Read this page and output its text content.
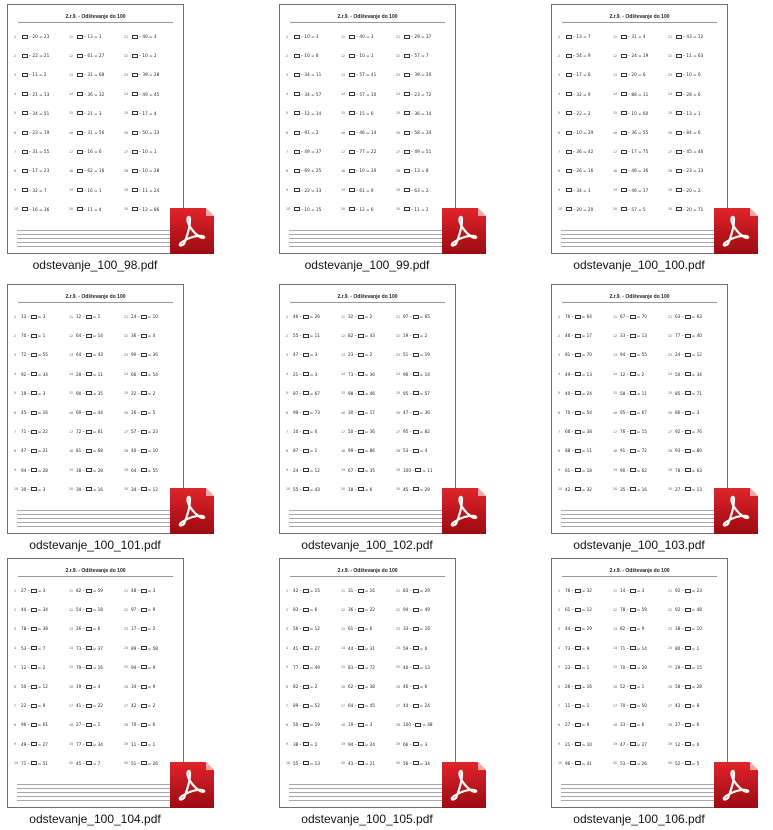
2.r.9. - Odštevanje do 100
1	– 20 = 23	11	– 13 = 1	21	– 40 = 4
2	– 22 = 21	12	– 61 = 27	22	– 10 = 2
3	– 11 = 2	13	– 31 = 68	23	– 39 = 28
4	– 21 = 13	14	– 36 = 32	24	– 49 = 45
5	– 34 = 51	15	– 21 = 3	25	– 17 = 4
6	– 23 = 19	16	– 31 = 56	26	– 50 = 13
7	– 31 = 55	17	– 16 = 6	27	– 10 = 1
8	– 17 = 23	18	– 62 = 16	28	– 10 = 28
9	– 32 = 7	19	– 16 = 1	29	– 11 = 24
10	– 16 = 36	20	– 11 = 4	30	– 12 = 86
odstevanje_100_98.pdf
2.r.9. - Odštevanje do 100
1	– 10 = 3	11	– 40 = 3	21	– 29 = 37
2	– 10 = 8	12	– 10 = 1	22	– 57 = 7
3	– 34 = 11	13	– 57 = 41	23	– 39 = 20
4	– 34 = 57	14	– 57 = 10	24	– 23 = 72
5	– 12 = 14	15	– 15 = 6	25	– 36 = 14
6	– 91 = 2	16	– 46 = 14	26	– 58 = 34
7	– 49 = 37	17	– 77 = 22	27	– 49 = 51
8	– 69 = 25	18	– 10 = 20	28	– 13 = 8
9	– 22 = 33	19	– 61 = 9	29	– 63 = 2
10	– 10 = 15	20	– 12 = 6	30	– 11 = 2
odstevanje_100_99.pdf
2.r.9. - Odštevanje do 100
1	– 13 = 7	11	– 31 = 4	21	– 43 = 12
2	– 54 = 9	12	– 24 = 19	22	– 11 = 63
3	– 17 = 6	13	– 20 = 6	23	– 10 = 0
4	– 32 = 9	14	– 88 = 11	24	– 28 = 6
5	– 22 = 2	15	– 10 = 60	25	– 13 = 1
6	– 10 = 29	16	– 36 = 55	26	– 84 = 0
7	– 36 = 42	17	– 17 = 75	27	– 45 = 40
8	– 26 = 16	18	– 46 = 36	28	– 23 = 13
9	– 34 = 3	19	– 46 = 17	29	– 20 = 2
10	– 20 = 20	20	– 57 = 5	30	– 20 = 71
odstevanje_100_100.pdf
2.r.9. - Odštevanje do 100
1	13 – = 3	11 12 – = 1	21 24 – = 10
2	70 – = 1	12 64 – = 14	22 36 – = 4
3	72 – = 55	13 64 – = 43	23 90 – = 36
4	92 – = 34	14 28 – = 11	24 66 – = 54
5	19 – = 3	15 90 – = 35	25 22 – = 2
6	45 – = 16	16 69 – = 44	26 26 – = 5
7	71 – = 22	17 72 – = 61	27 57 – = 23
8	47 – = 21	18 81 – = 68	28 40 – = 10
9	94 – = 28	19 38 – = 28	29 64 – = 55
10 30 – = 3	20 39 – = 16	30 34 – = 12
odstevanje_100_101.pdf
2.r.9. - Odštevanje do 100
1	46 – = 26	11 32 – = 2	21 97 – = 65
2	55 – = 11	12 82 – = 43	22 19 – = 2
3	47 – = 3	13 23 – = 2	23 51 – = 19
4	21 – = 3	14 73 – = 36	24 96 – = 14
5	87 – = 67	15 98 – = 46	25 95 – = 57
6	99 – = 73	16 30 – = 17	26 47 – = 36
7	10 – = 0	17 50 – = 36	27 95 – = 82
8	87 – = 1	18 99 – = 86	28 53 – = 4
9	24 – = 12	19 67 – = 35	29 100 – = 11
10 55 – = 43	20 18 – = 6	30 45 – = 29
odstevanje_100_102.pdf
2.r.9. - Odštevanje do 100
1	76 – = 64	11 67 – = 70	21 63 – = 63
2	46 – = 17	12 33 – = 13	22 77 – = 40
3	81 – = 70	13 94 – = 55	23 24 – = 12
4	49 – = 13	14 12 – = 2	24 50 – = 34
5	40 – = 24	15 58 – = 11	25 85 – = 71
6	70 – = 54	16 95 – = 67	26 86 – = 3
7	66 – = 38	17 76 – = 15	27 92 – = 76
8	88 – = 11	18 91 – = 72	28 93 – = 80
9	61 – = 18	19 90 – = 62	29 78 – = 63
10 42 – = 32	20 35 – = 16	30 27 – = 13
odstevanje_100_103.pdf
2.r.9. - Odštevanje do 100
1	27 – = 3	11 82 – = 59	21 48 – = 3
2	44 – = 34	12 54 – = 18	22 97 – = 9
3	78 – = 38	13 26 – = 6	23 17 – = 2
4	53 – = 7	14 73 – = 37	24 89 – = 58
5	12 – = 2	15 79 – = 16	25 94 – = 9
6	50 – = 12	16 19 – = 4	26 34 – = 9
7	22 – = 9	17 41 – = 22	27 42 – = 2
8	96 – = 61	18 27 – = 1	28 70 – = 6
9	49 – = 27	19 77 – = 34	29 11 – = 1
10 71 – = 51	20 45 – = 7	30 51 – = 26
odstevanje_100_104.pdf
2.r.9. - Odštevanje do 100
1	42 – = 15	11 31 – = 16	21 83 – = 29
2	83 – = 6	12 36 – = 22	22 94 – = 49
3	56 – = 12	13 61 – = 6	23 33 – = 16
4	41 – = 27	14 44 – = 31	24 59 – = 0
5	77 – = 49	15 83 – = 72	25 40 – = 13
6	82 – = 2	16 62 – = 38	26 46 – = 6
7	89 – = 52	17 64 – = 45	27 44 – = 24
8	50 – = 19	18 19 – = 3	28 100 – = 48
9	38 – = 2	19 94 – = 24	29 66 – = 3
10 55 – = 13	20 43 – = 21	30 56 – = 34
odstevanje_100_105.pdf
2.r.9. - Odštevanje do 100
1	76 – = 32	11 14 – = 3	21 92 – = 23
2	61 – = 12	12 78 – = 59	22 92 – = 48
3	44 – = 29	13 82 – = 9	23 38 – = 10
4	73 – = 9	14 71 – = 14	24 80 – = 1
5	23 – = 1	15 70 – = 28	25 29 – = 15
6	26 – = 16	16 52 – = 1	26 58 – = 28
7	11 – = 1	17 70 – = 50	27 43 – = 8
8	27 – = 9	18 33 – = 6	28 27 – = 6
9	21 – = 10	19 47 – = 27	29 12 – = 0
10 96 – = 41	20 53 – = 26	30 52 – = 5
odstevanje_100_106.pdf
